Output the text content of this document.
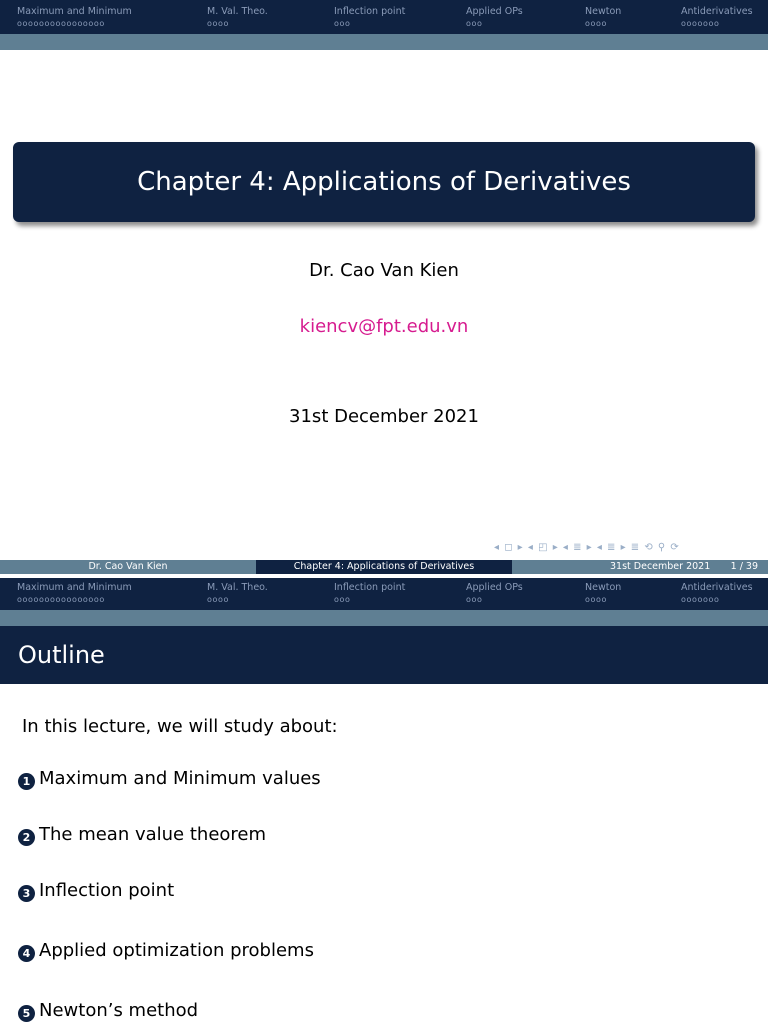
Maximum and Minimum
oooooooooooooooo
M. Val. Theo.
oooo
Inflection point
ooo
Applied OPs
ooo
Newton
oooo
Antiderivatives
ooooooo
Chapter 4: Applications of Derivatives
Dr. Cao Van Kien
kiencv@fpt.edu.vn
31st December 2021
◂ ◻ ▸ ◂ ◰ ▸ ◂ ≣ ▸ ◂ ≣ ▸ ≣ ⟲ ⚲ ⟳
Dr. Cao Van Kien	Chapter 4: Applications of Derivatives	31st December 2021 1 / 39
Maximum and Minimum
oooooooooooooooo
M. Val. Theo.
oooo
Inflection point
ooo
Applied OPs
ooo
Newton
oooo
Antiderivatives
ooooooo
Outline
In this lecture, we will study about:
1 Maximum and Minimum values
2 The mean value theorem
3 Inflection point
4 Applied optimization problems
5 Newton’s method
